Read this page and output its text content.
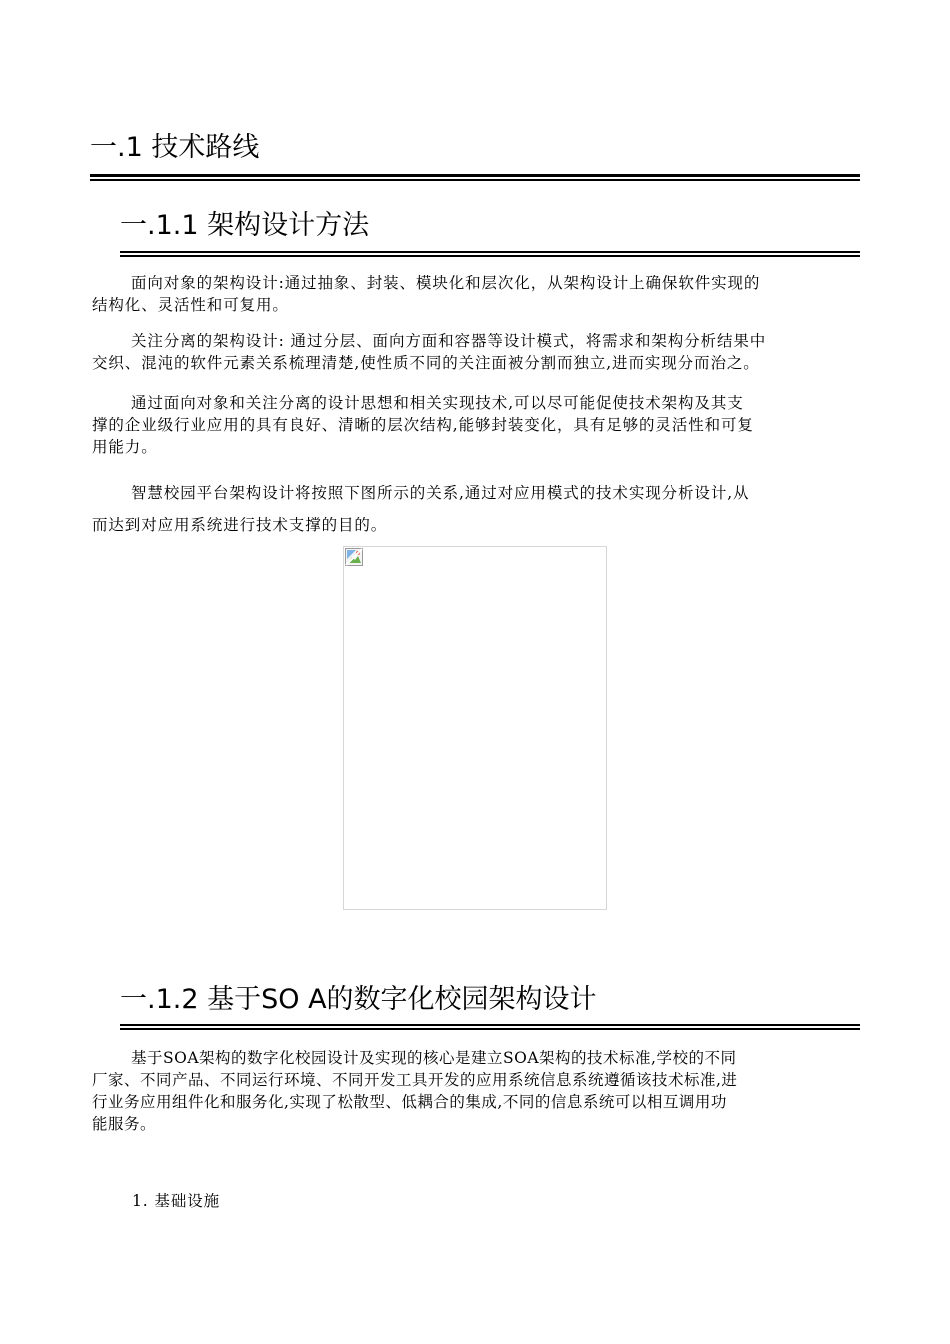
一.1 技术路线
一.1.1 架构设计方法

面向对象的架构设计:通过抽象、封装、模块化和层次化，从架构设计上确保软件实现的
结构化、灵活性和可复用。

关注分离的架构设计: 通过分层、面向方面和容器等设计模式，将需求和架构分析结果中
交织、混沌的软件元素关系梳理清楚,使性质不同的关注面被分割而独立,进而实现分而治之。

通过面向对象和关注分离的设计思想和相关实现技术,可以尽可能促使技术架构及其支
撑的企业级行业应用的具有良好、清晰的层次结构,能够封装变化，具有足够的灵活性和可复
用能力。

智慧校园平台架构设计将按照下图所示的关系,通过对应用模式的技术实现分析设计,从
而达到对应用系统进行技术支撑的目的。

一.1.2 基于SO A的数字化校园架构设计

基于SOA架构的数字化校园设计及实现的核心是建立SOA架构的技术标准,学校的不同
厂家、不同产品、不同运行环境、不同开发工具开发的应用系统信息系统遵循该技术标准,进
行业务应用组件化和服务化,实现了松散型、低耦合的集成,不同的信息系统可以相互调用功
能服务。

1. 基础设施
